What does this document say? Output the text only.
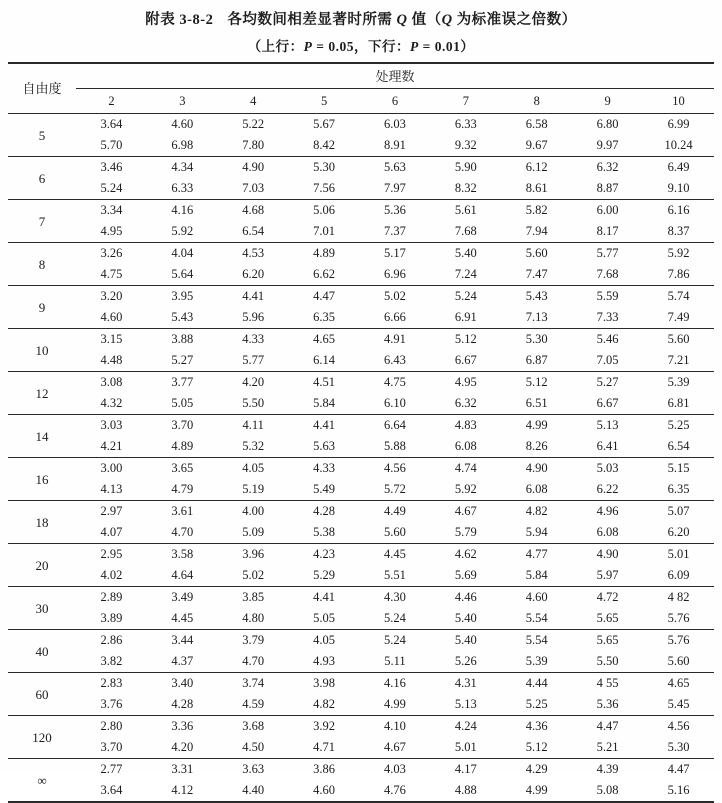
附表 3-8-2 各均数间相差显著时所需 Q 值（Q 为标准误之倍数）
（上行：P = 0.05，下行：P = 0.01）
自由度	处理数								
	2	3	4	5	6	7	8	9	10
5	3.64	4.60	5.22	5.67	6.03	6.33	6.58	6.80	6.99
	5.70	6.98	7.80	8.42	8.91	9.32	9.67	9.97	10.24
6	3.46	4.34	4.90	5.30	5.63	5.90	6.12	6.32	6.49
	5.24	6.33	7.03	7.56	7.97	8.32	8.61	8.87	9.10
7	3.34	4.16	4.68	5.06	5.36	5.61	5.82	6.00	6.16
	4.95	5.92	6.54	7.01	7.37	7.68	7.94	8.17	8.37
8	3.26	4.04	4.53	4.89	5.17	5.40	5.60	5.77	5.92
	4.75	5.64	6.20	6.62	6.96	7.24	7.47	7.68	7.86
9	3.20	3.95	4.41	4.47	5.02	5.24	5.43	5.59	5.74
	4.60	5.43	5.96	6.35	6.66	6.91	7.13	7.33	7.49
10	3.15	3.88	4.33	4.65	4.91	5.12	5.30	5.46	5.60
	4.48	5.27	5.77	6.14	6.43	6.67	6.87	7.05	7.21
12	3.08	3.77	4.20	4.51	4.75	4.95	5.12	5.27	5.39
	4.32	5.05	5.50	5.84	6.10	6.32	6.51	6.67	6.81
14	3.03	3.70	4.11	4.41	6.64	4.83	4.99	5.13	5.25
	4.21	4.89	5.32	5.63	5.88	6.08	8.26	6.41	6.54
16	3.00	3.65	4.05	4.33	4.56	4.74	4.90	5.03	5.15
	4.13	4.79	5.19	5.49	5.72	5.92	6.08	6.22	6.35
18	2.97	3.61	4.00	4.28	4.49	4.67	4.82	4.96	5.07
	4.07	4.70	5.09	5.38	5.60	5.79	5.94	6.08	6.20
20	2.95	3.58	3.96	4.23	4.45	4.62	4.77	4.90	5.01
	4.02	4.64	5.02	5.29	5.51	5.69	5.84	5.97	6.09
30	2.89	3.49	3.85	4.41	4.30	4.46	4.60	4.72	4 82
	3.89	4.45	4.80	5.05	5.24	5.40	5.54	5.65	5.76
40	2.86	3.44	3.79	4.05	5.24	5.40	5.54	5.65	5.76
	3.82	4.37	4.70	4.93	5.11	5.26	5.39	5.50	5.60
60	2.83	3.40	3.74	3.98	4.16	4.31	4.44	4 55	4.65
	3.76	4.28	4.59	4.82	4.99	5.13	5.25	5.36	5.45
120	2.80	3.36	3.68	3.92	4.10	4.24	4.36	4.47	4.56
	3.70	4.20	4.50	4.71	4.67	5.01	5.12	5.21	5.30
∞	2.77	3.31	3.63	3.86	4.03	4.17	4.29	4.39	4.47
	3.64	4.12	4.40	4.60	4.76	4.88	4.99	5.08	5.16
